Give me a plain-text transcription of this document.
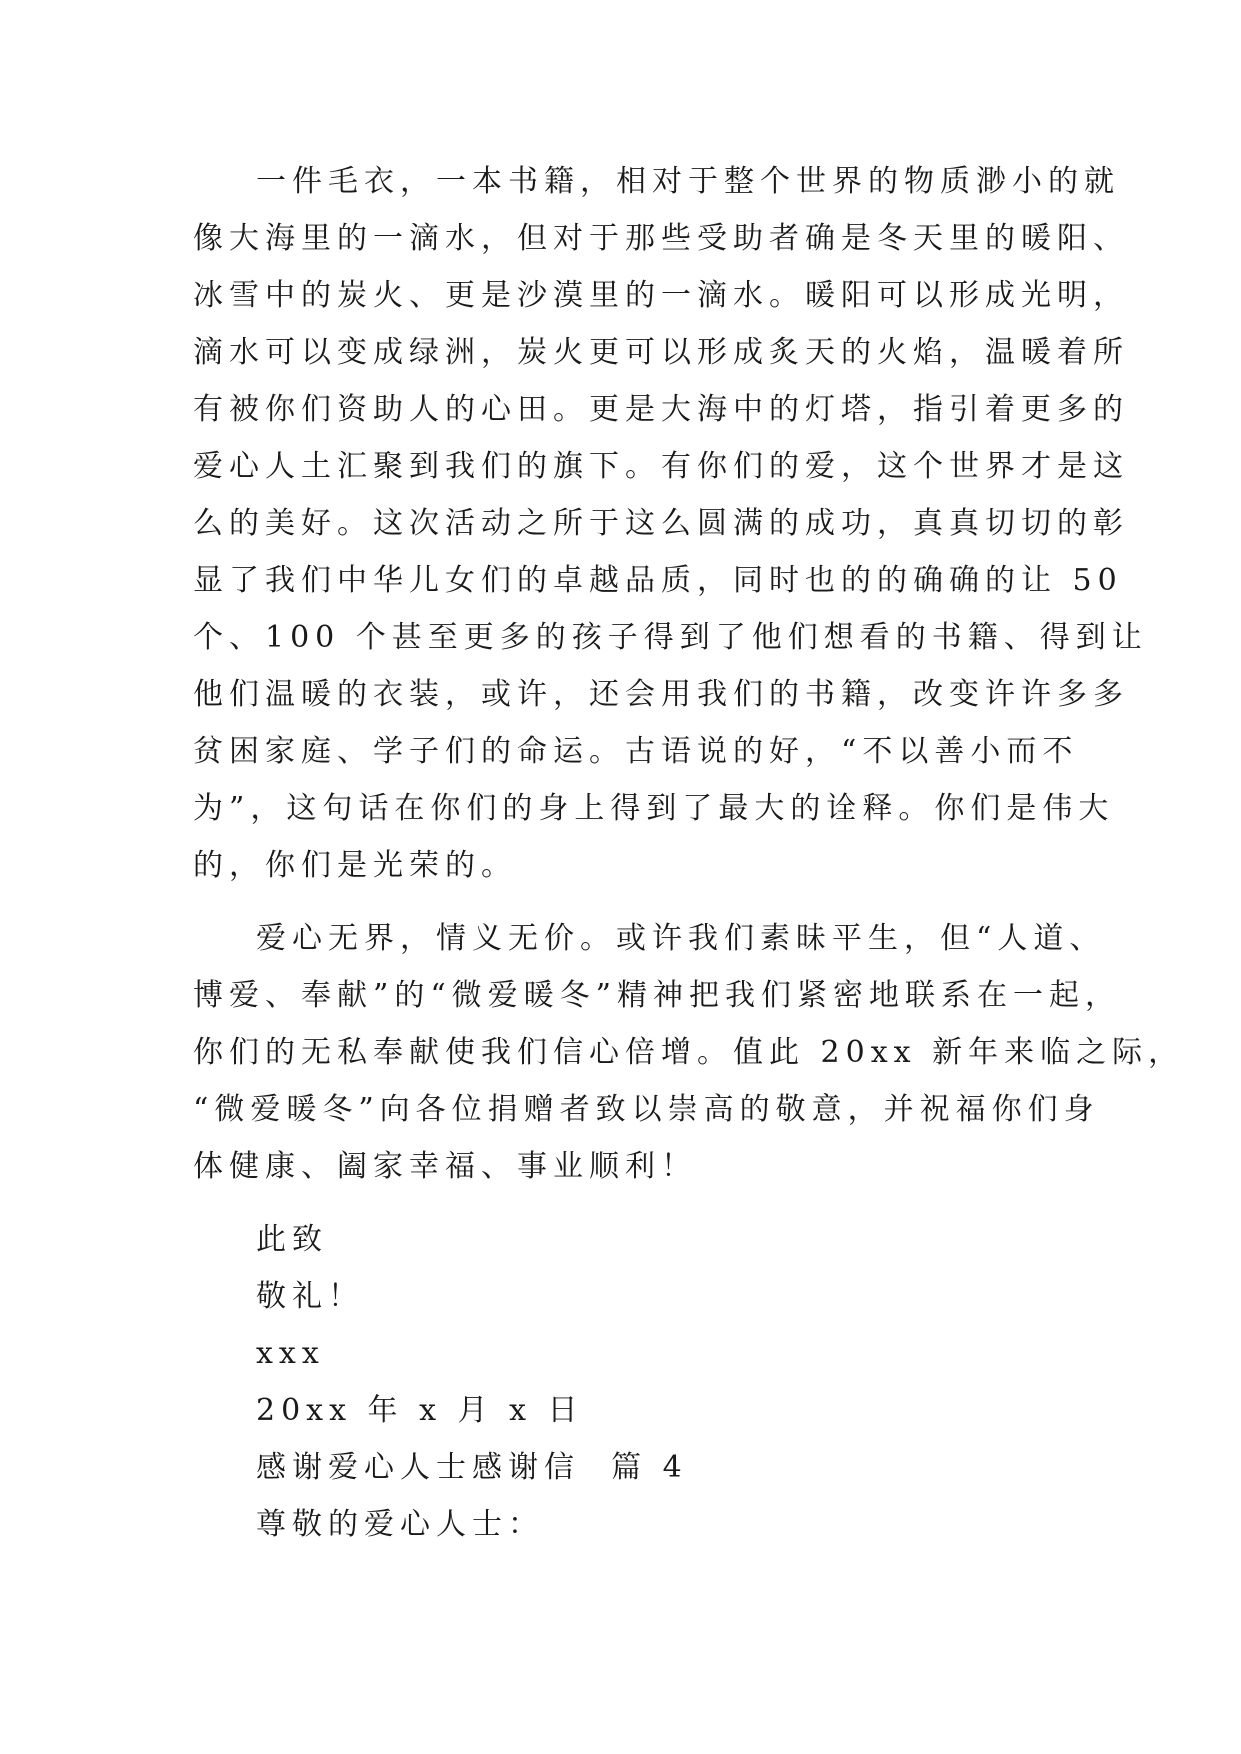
一件毛衣，一本书籍，相对于整个世界的物质渺小的就
像大海里的一滴水，但对于那些受助者确是冬天里的暖阳、
冰雪中的炭火、更是沙漠里的一滴水。暖阳可以形成光明，
滴水可以变成绿洲，炭火更可以形成炙天的火焰，温暖着所
有被你们资助人的心田。更是大海中的灯塔，指引着更多的
爱心人土汇聚到我们的旗下。有你们的爱，这个世界才是这
么的美好。这次活动之所于这么圆满的成功，真真切切的彰
显了我们中华儿女们的卓越品质，同时也的的确确的让 50
个、100 个甚至更多的孩子得到了他们想看的书籍、得到让
他们温暖的衣装，或许，还会用我们的书籍，改变许许多多
贫困家庭、学子们的命运。古语说的好，“不以善小而不
为”，这句话在你们的身上得到了最大的诠释。你们是伟大
的，你们是光荣的。
爱心无界，情义无价。或许我们素昧平生，但“人道、
博爱、奉献”的“微爱暖冬”精神把我们紧密地联系在一起，
你们的无私奉献使我们信心倍增。值此 20xx 新年来临之际，
“微爱暖冬”向各位捐赠者致以崇高的敬意，并祝福你们身
体健康、阖家幸福、事业顺利！
此致
敬礼！
xxx
20xx 年 x 月 x 日
感谢爱心人士感谢信  篇 4
尊敬的爱心人士：
